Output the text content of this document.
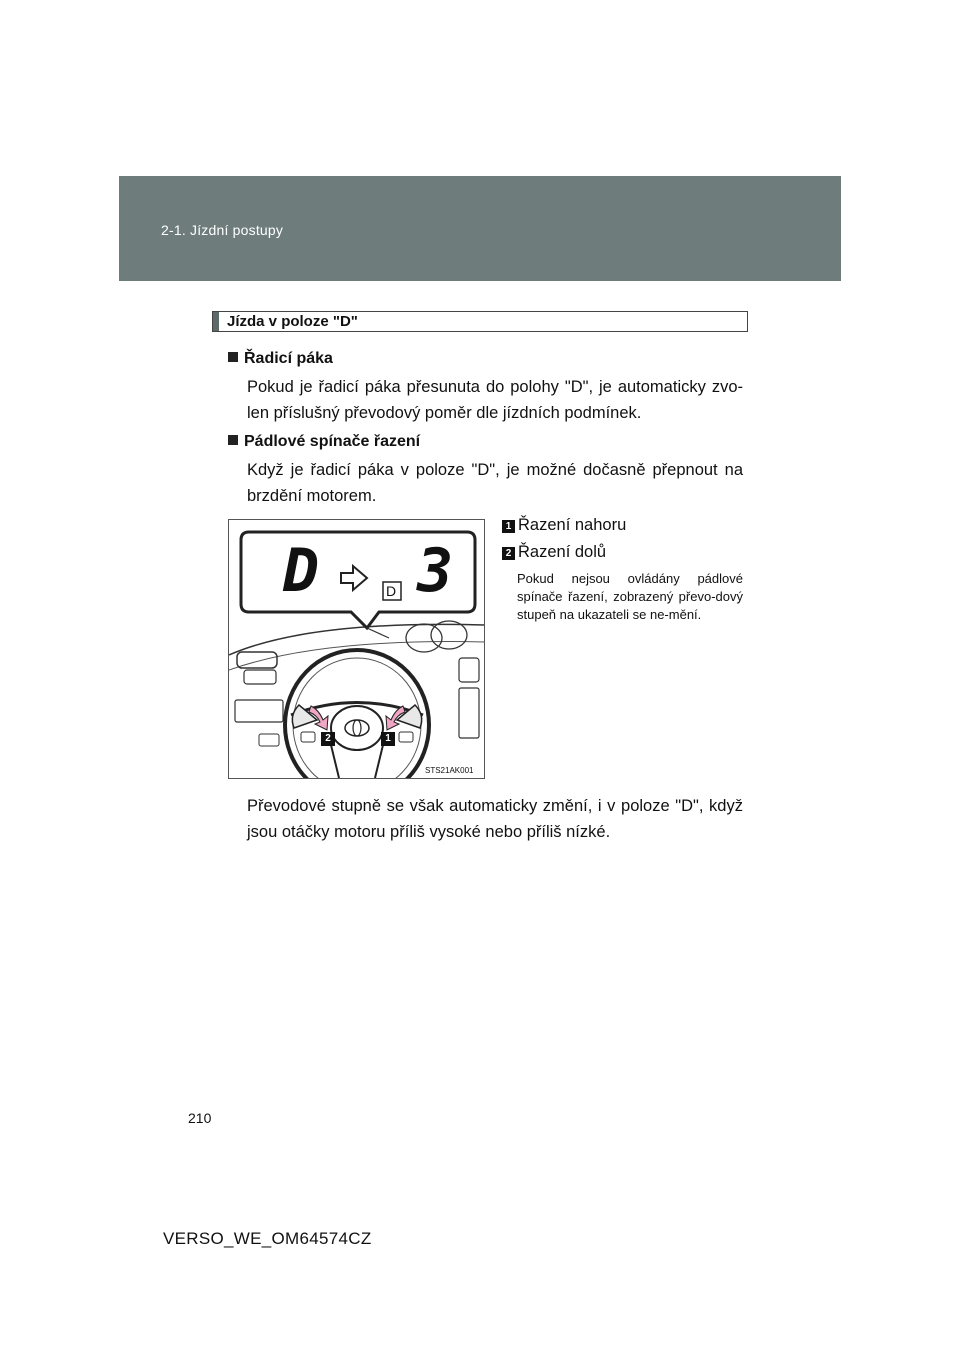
2-1. Jízdní postupy
Jízda v poloze "D"
Řadicí páka
Pokud je řadicí páka přesunuta do polohy "D", je automaticky zvo-
len příslušný převodový poměr dle jízdních podmínek.
Pádlové spínače řazení
Když je řadicí páka v poloze "D", je možné dočasně přepnout na
brzdění motorem.
D	D 3
2	1
STS21AK001
1 Řazení nahoru
2 Řazení dolů
Pokud nejsou ovládány pádlové spínače řazení, zobrazený převo-dový stupeň na ukazateli se ne-mění.
Převodové stupně se však automaticky změní, i v poloze "D", když
jsou otáčky motoru příliš vysoké nebo příliš nízké.
210
VERSO_WE_OM64574CZ
